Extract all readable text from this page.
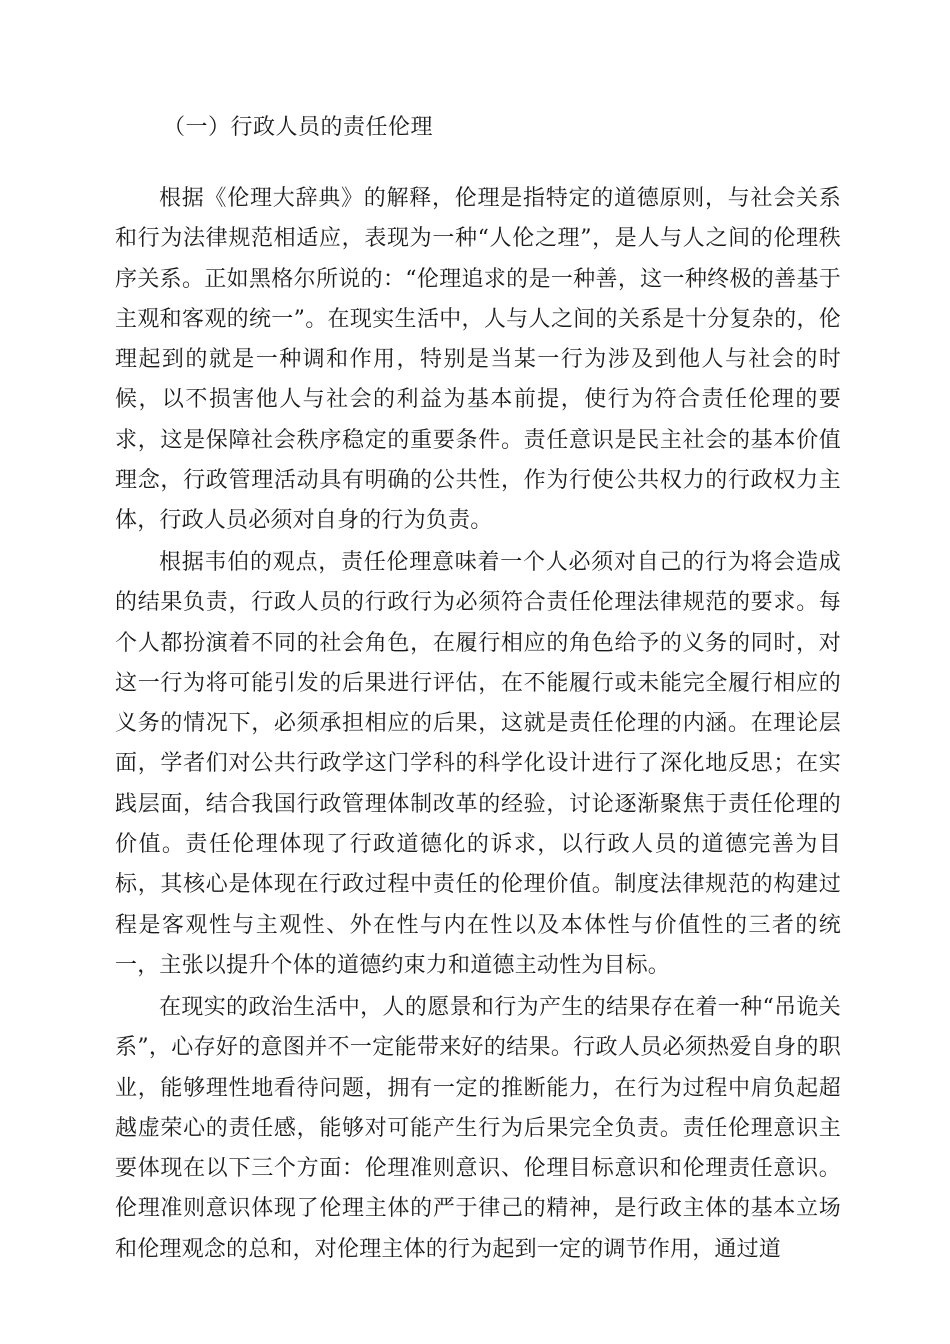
（一）行政人员的责任伦理

根据《伦理大辞典》的解释，伦理是指特定的道德原则，与社会关系和行为法律规范相适应，表现为一种“人伦之理”，是人与人之间的伦理秩序关系。正如黑格尔所说的：“伦理追求的是一种善，这一种终极的善基于主观和客观的统一”。在现实生活中，人与人之间的关系是十分复杂的，伦理起到的就是一种调和作用，特别是当某一行为涉及到他人与社会的时候，以不损害他人与社会的利益为基本前提，使行为符合责任伦理的要求，这是保障社会秩序稳定的重要条件。责任意识是民主社会的基本价值理念，行政管理活动具有明确的公共性，作为行使公共权力的行政权力主体，行政人员必须对自身的行为负责。

根据韦伯的观点，责任伦理意味着一个人必须对自己的行为将会造成的结果负责，行政人员的行政行为必须符合责任伦理法律规范的要求。每个人都扮演着不同的社会角色，在履行相应的角色给予的义务的同时，对这一行为将可能引发的后果进行评估，在不能履行或未能完全履行相应的义务的情况下，必须承担相应的后果，这就是责任伦理的内涵。在理论层面，学者们对公共行政学这门学科的科学化设计进行了深化地反思；在实践层面，结合我国行政管理体制改革的经验，讨论逐渐聚焦于责任伦理的价值。责任伦理体现了行政道德化的诉求，以行政人员的道德完善为目标，其核心是体现在行政过程中责任的伦理价值。制度法律规范的构建过程是客观性与主观性、外在性与内在性以及本体性与价值性的三者的统一，主张以提升个体的道德约束力和道德主动性为目标。

在现实的政治生活中，人的愿景和行为产生的结果存在着一种“吊诡关系”，心存好的意图并不一定能带来好的结果。行政人员必须热爱自身的职业，能够理性地看待问题，拥有一定的推断能力，在行为过程中肩负起超越虚荣心的责任感，能够对可能产生行为后果完全负责。责任伦理意识主要体现在以下三个方面：伦理准则意识、伦理目标意识和伦理责任意识。伦理准则意识体现了伦理主体的严于律己的精神，是行政主体的基本立场和伦理观念的总和，对伦理主体的行为起到一定的调节作用，通过道
